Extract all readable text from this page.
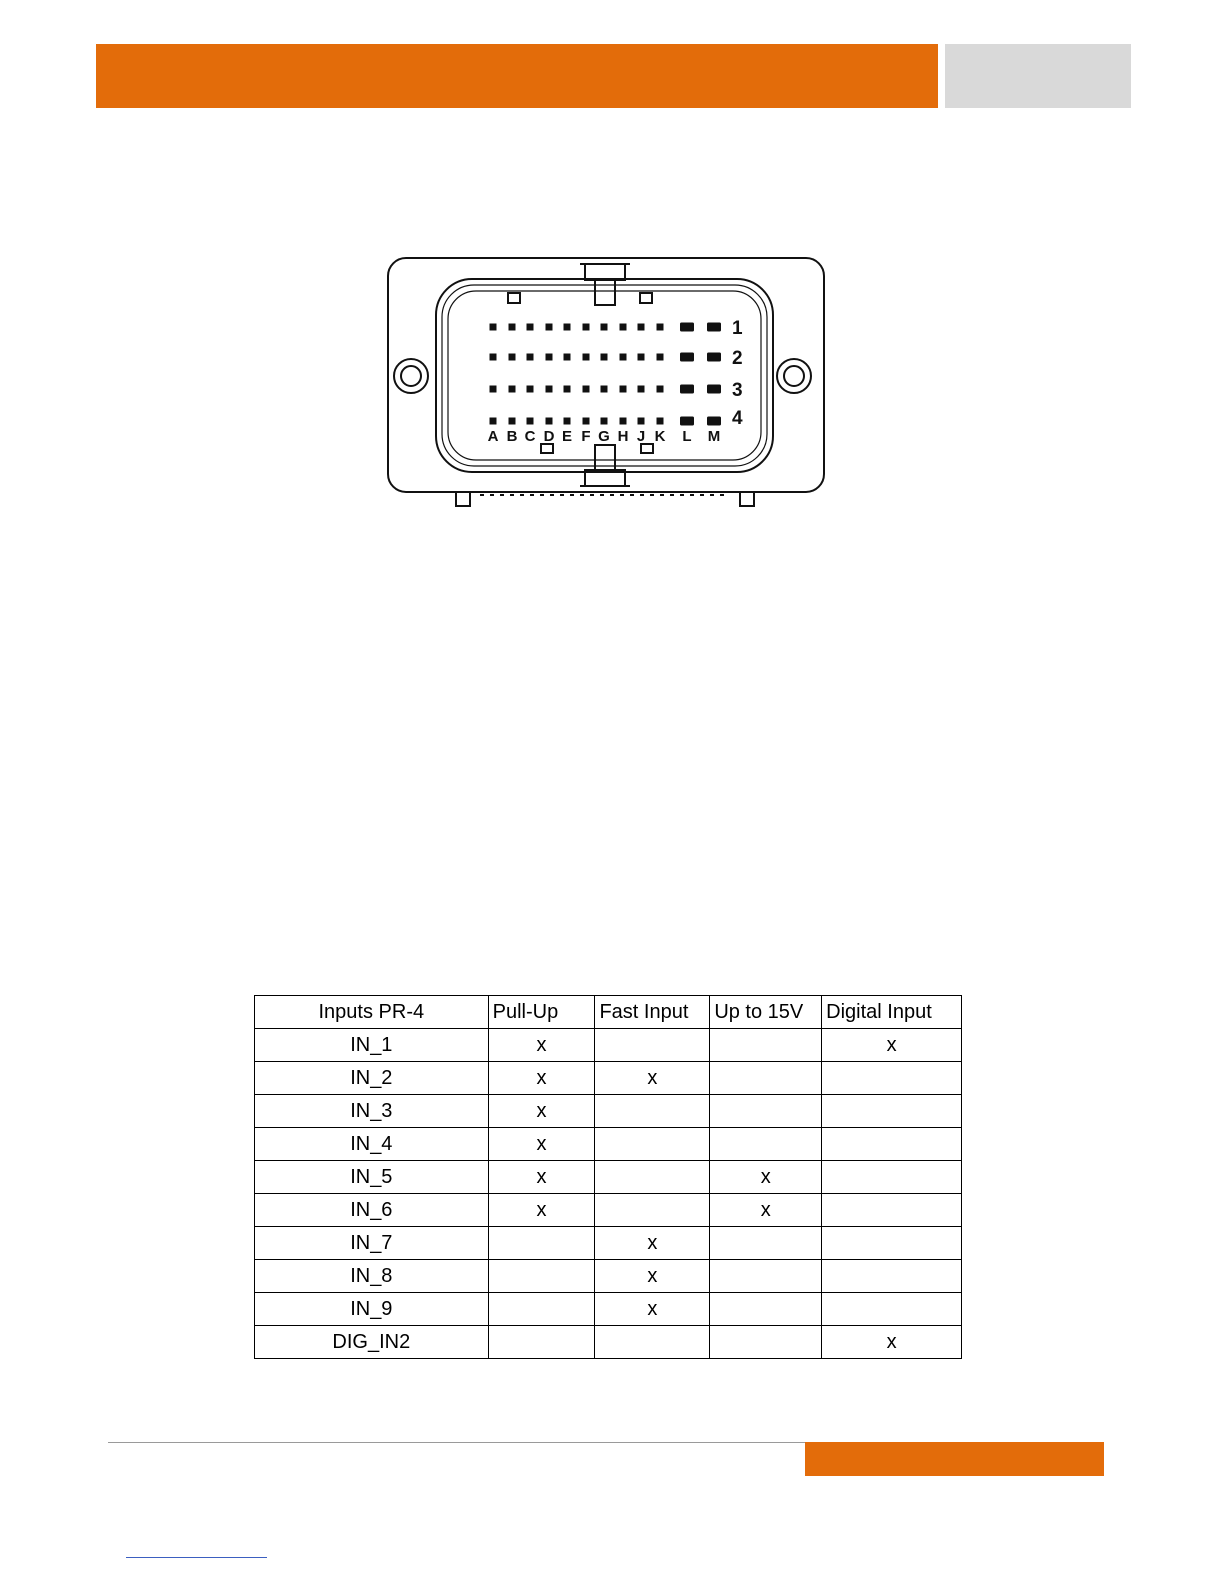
1
2
3
4
A B C D E F G H J K L M
Inputs PR-4	Pull-Up	Fast Input	Up to 15V	Digital Input
IN_1	x			x
IN_2	x	x		
IN_3	x			
IN_4	x			
IN_5	x		x	
IN_6	x		x	
IN_7		x		
IN_8		x		
IN_9		x		
DIG_IN2				x
